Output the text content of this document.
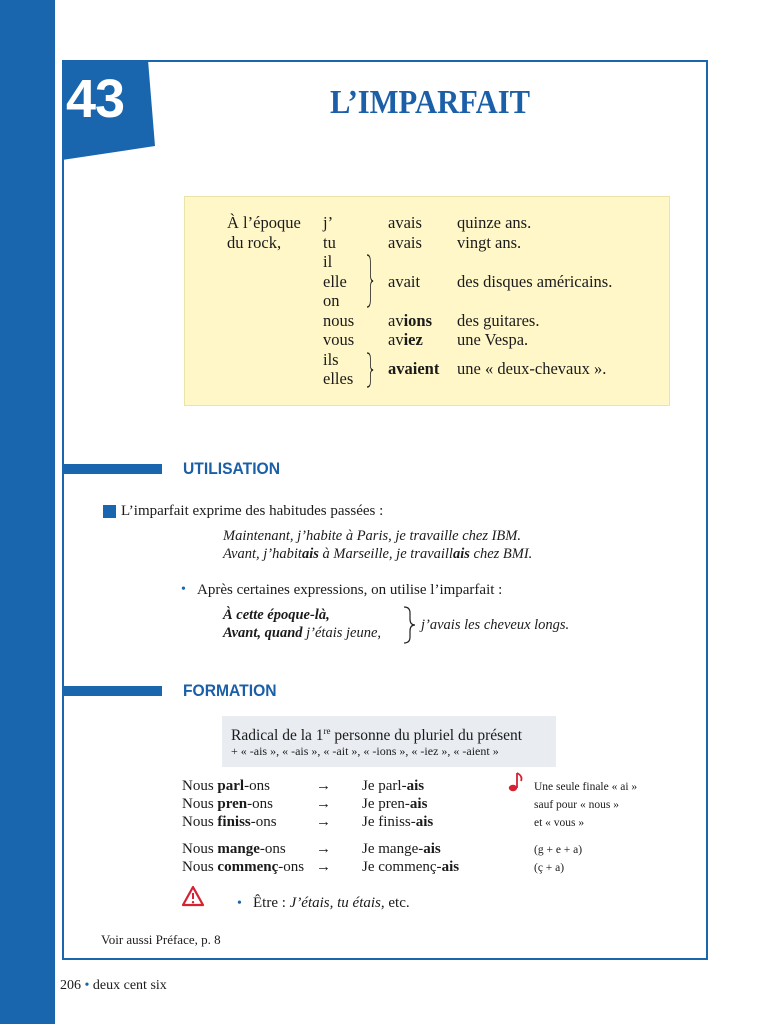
43	L’IMPARFAIT
À l’époque
du rock,
j’
tu
il
elle
on
nous
vous
ils
elles
avais
avais
avait
avions
aviez
avaient
quinze ans.
vingt ans.
des disques américains.
des guitares.
une Vespa.
une « deux-chevaux ».
UTILISATION
L’imparfait exprime des habitudes passées :
Maintenant, j’habite à Paris, je travaille chez IBM.
Avant, j’habitais à Marseille, je travaillais chez BMI.
• Après certaines expressions, on utilise l’imparfait :
À cette époque-là,
Avant, quand j’étais jeune,	j’avais les cheveux longs.
FORMATION
Radical de la 1re personne du pluriel du présent
+ « -ais », « -ais », « -ait », « -ions », « -iez », « -aient »
Nous parl-ons
Nous pren-ons
Nous finiss-ons
Nous mange-ons
Nous commenç-ons
→
→
→
→
→
Je parl-ais
Je pren-ais
Je finiss-ais
Je mange-ais
Je commenç-ais
Une seule finale « ai »
sauf pour « nous »
et « vous »
(g + e + a)
(ç + a)
• Être : J’étais, tu étais, etc.
Voir aussi Préface, p. 8
206 • deux cent six
